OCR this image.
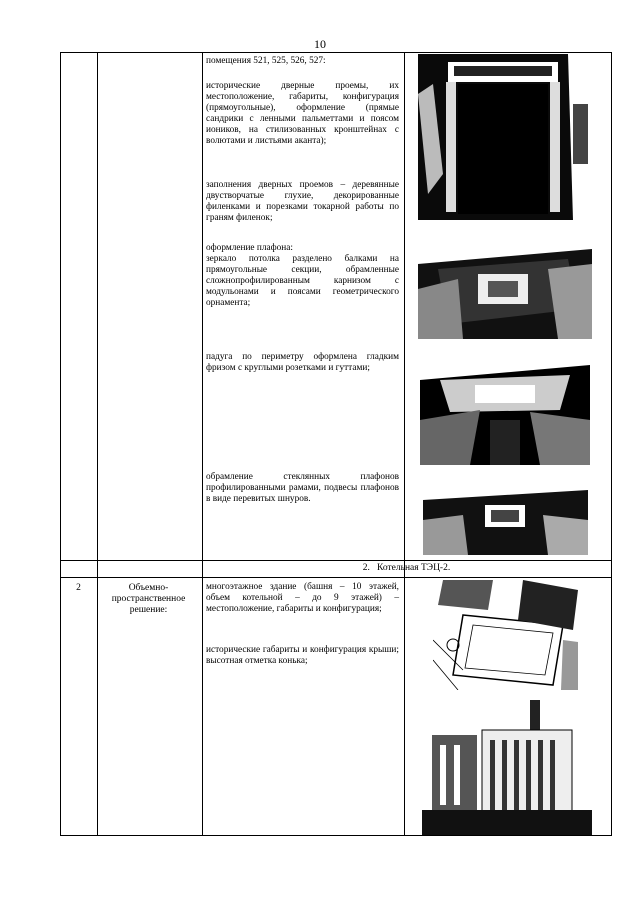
10
помещения 521, 525, 526, 527:
исторические дверные проемы, их местоположение, габариты, конфигурация (прямоугольные), оформление (прямые сандрики с ленными пальметтами и поясом иоников, на стилизованных кронштейнах с волютами и листьями аканта);
заполнения дверных проемов – деревянные двустворчатые глухие, декорированные филенками и порезками токарной работы по граням филенок;
оформление плафона:
зеркало потолка разделено балками на прямоугольные секции, обрамленные сложнопрофилированным карнизом с модульонами и поясами геометрического орнамента;
падуга по периметру оформлена гладким фризом с круглыми розетками и гуттами;
обрамление стеклянных плафонов профилированными рамами, подвесы плафонов в виде перевитых шнуров.
2. Котельная ТЭЦ-2.
2	Объемно-пространственное решение:
многоэтажное здание (башня – 10 этажей, объем котельной – до 9 этажей) – местоположение, габариты и конфигурация;
исторические габариты и конфигурация крыши; высотная отметка конька;
